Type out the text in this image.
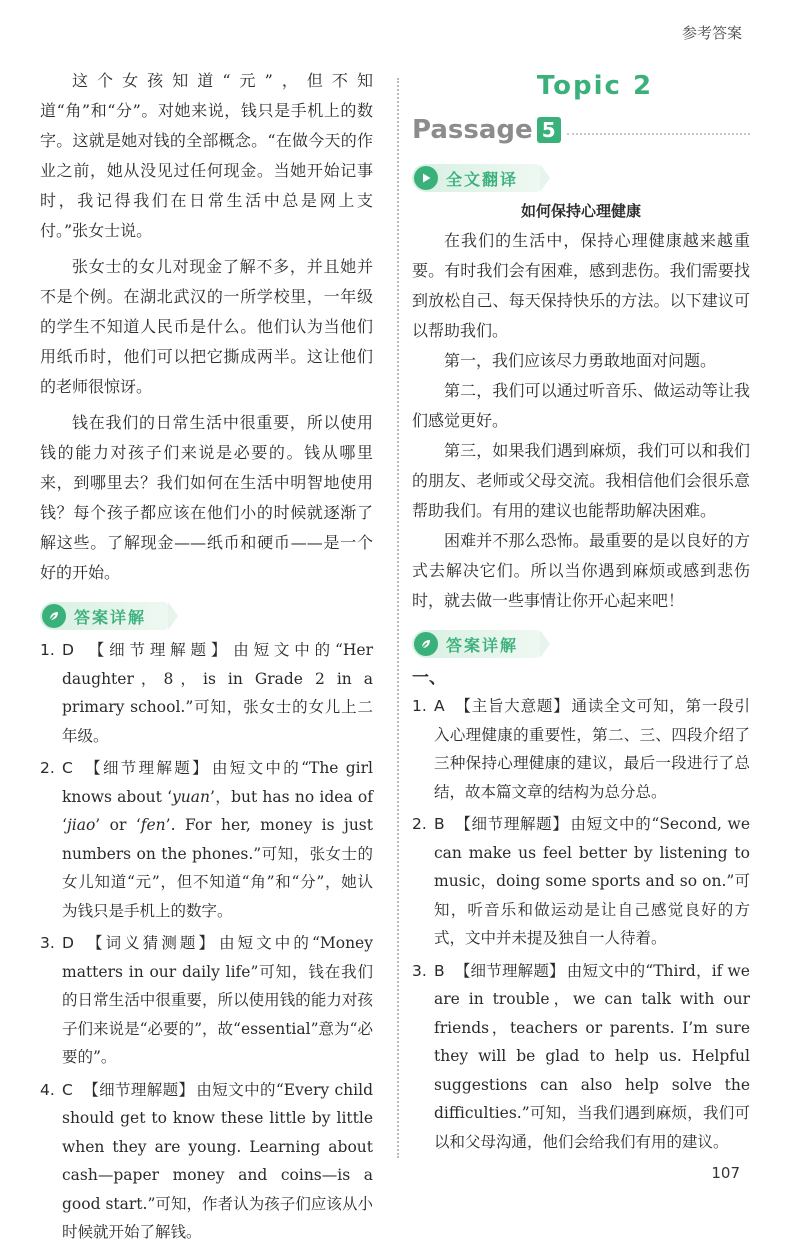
参考答案

这个女孩知道“元”，但不知道“角”和“分”。对她来说，钱只是手机上的数字。这就是她对钱的全部概念。“在做今天的作业之前，她从没见过任何现金。当她开始记事时，我记得我们在日常生活中总是网上支付。”张女士说。

张女士的女儿对现金了解不多，并且她并不是个例。在湖北武汉的一所学校里，一年级的学生不知道人民币是什么。他们认为当他们用纸币时，他们可以把它撕成两半。这让他们的老师很惊讶。

钱在我们的日常生活中很重要，所以使用钱的能力对孩子们来说是必要的。钱从哪里来，到哪里去？我们如何在生活中明智地使用钱？每个孩子都应该在他们小的时候就逐渐了解这些。了解现金——纸币和硬币——是一个好的开始。

答案详解
1. D 【细节理解题】 由短文中的“Her daughter，8，is in Grade 2 in a primary school.”可知，张女士的女儿上二年级。
2. C 【细节理解题】 由短文中的“The girl knows about ‘yuan’，but has no idea of ‘jiao’ or ‘fen’. For her, money is just numbers on the phones.”可知，张女士的女儿知道“元”，但不知道“角”和“分”，她认为钱只是手机上的数字。
3. D 【词义猜测题】 由短文中的“Money matters in our daily life”可知，钱在我们的日常生活中很重要，所以使用钱的能力对孩子们来说是“必要的”，故“essential”意为“必要的”。
4. C 【细节理解题】 由短文中的“Every child should get to know these little by little when they are young. Learning about cash—paper money and coins—is a good start.”可知，作者认为孩子们应该从小时候就开始了解钱。
Topic 2
Passage 5
全文翻译
如何保持心理健康

在我们的生活中，保持心理健康越来越重要。有时我们会有困难，感到悲伤。我们需要找到放松自己、每天保持快乐的方法。以下建议可以帮助我们。

第一，我们应该尽力勇敢地面对问题。

第二，我们可以通过听音乐、做运动等让我们感觉更好。

第三，如果我们遇到麻烦，我们可以和我们的朋友、老师或父母交流。我相信他们会很乐意帮助我们。有用的建议也能帮助解决困难。

困难并不那么恐怖。最重要的是以良好的方式去解决它们。所以当你遇到麻烦或感到悲伤时，就去做一些事情让你开心起来吧！

答案详解
一、
1. A 【主旨大意题】 通读全文可知，第一段引入心理健康的重要性，第二、三、四段介绍了三种保持心理健康的建议，最后一段进行了总结，故本篇文章的结构为总分总。
2. B 【细节理解题】 由短文中的“Second, we can make us feel better by listening to music，doing some sports and so on.”可知，听音乐和做运动是让自己感觉良好的方式，文中并未提及独自一人待着。
3. B 【细节理解题】 由短文中的“Third，if we are in trouble，we can talk with our friends，teachers or parents. I’m sure they will be glad to help us. Helpful suggestions can also help solve the difficulties.”可知，当我们遇到麻烦，我们可以和父母沟通，他们会给我们有用的建议。
107
